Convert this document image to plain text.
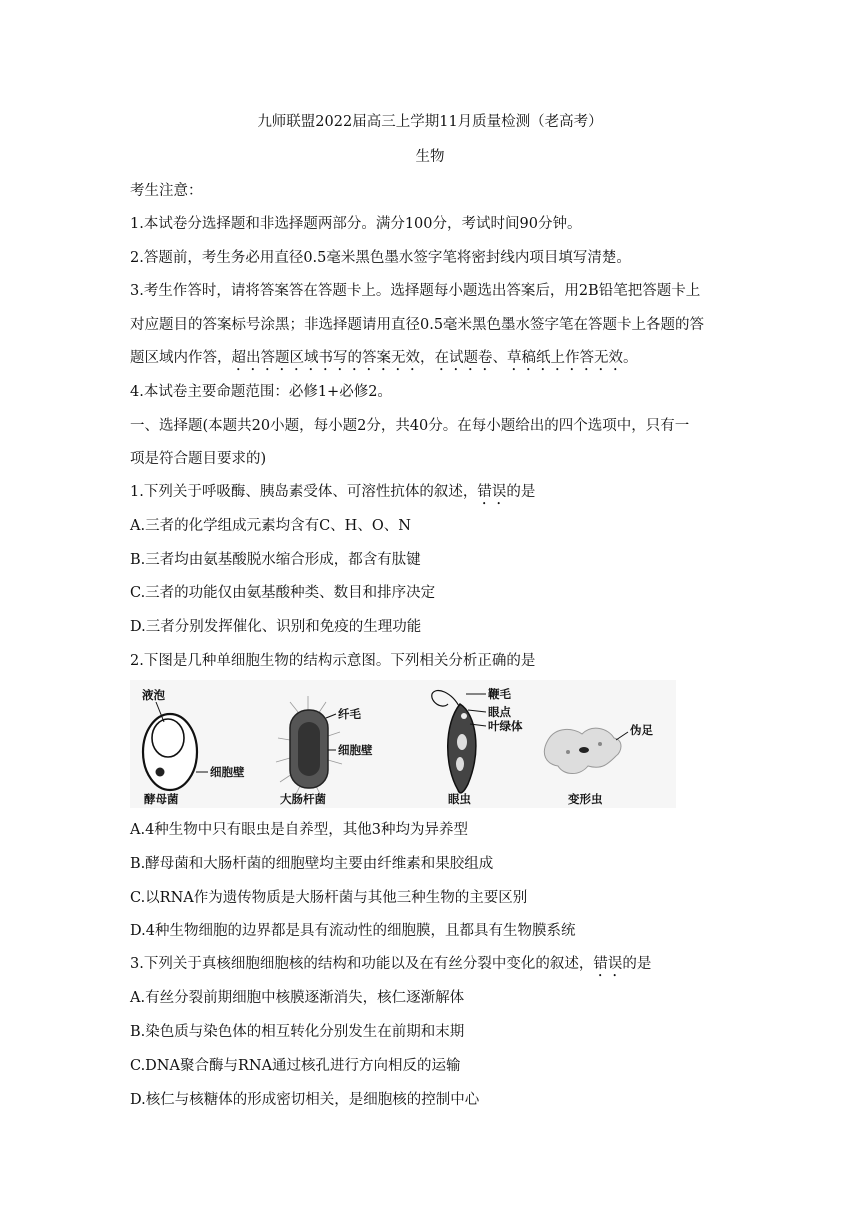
九师联盟2022届高三上学期11月质量检测（老高考）
生物
考生注意：
1.本试卷分选择题和非选择题两部分。满分100分，考试时间90分钟。
2.答题前，考生务必用直径0.5毫米黑色墨水签字笔将密封线内项目填写清楚。
3.考生作答时，请将答案答在答题卡上。选择题每小题选出答案后，用2B铅笔把答题卡上
对应题目的答案标号涂黑；非选择题请用直径0.5毫米黑色墨水签字笔在答题卡上各题的答
题区域内作答，超出答题区域书写的答案无效，在试题卷、草稿纸上作答无效。
4.本试卷主要命题范围：必修1+必修2。
一、选择题(本题共20小题，每小题2分，共40分。在每小题给出的四个选项中，只有一
项是符合题目要求的)
1.下列关于呼吸酶、胰岛素受体、可溶性抗体的叙述，错误的是
A.三者的化学组成元素均含有C、H、O、N
B.三者均由氨基酸脱水缩合形成，都含有肽键
C.三者的功能仅由氨基酸种类、数目和排序决定
D.三者分别发挥催化、识别和免疫的生理功能
2.下图是几种单细胞生物的结构示意图。下列相关分析正确的是
液泡
细胞壁
酵母菌
纤毛
细胞壁
大肠杆菌
鞭毛
眼点
叶绿体
眼虫
伪足
变形虫
A.4种生物中只有眼虫是自养型，其他3种均为异养型
B.酵母菌和大肠杆菌的细胞壁均主要由纤维素和果胶组成
C.以RNA作为遗传物质是大肠杆菌与其他三种生物的主要区别
D.4种生物细胞的边界都是具有流动性的细胞膜，且都具有生物膜系统
3.下列关于真核细胞细胞核的结构和功能以及在有丝分裂中变化的叙述，错误的是
A.有丝分裂前期细胞中核膜逐渐消失，核仁逐渐解体
B.染色质与染色体的相互转化分别发生在前期和末期
C.DNA聚合酶与RNA通过核孔进行方向相反的运输
D.核仁与核糖体的形成密切相关，是细胞核的控制中心
